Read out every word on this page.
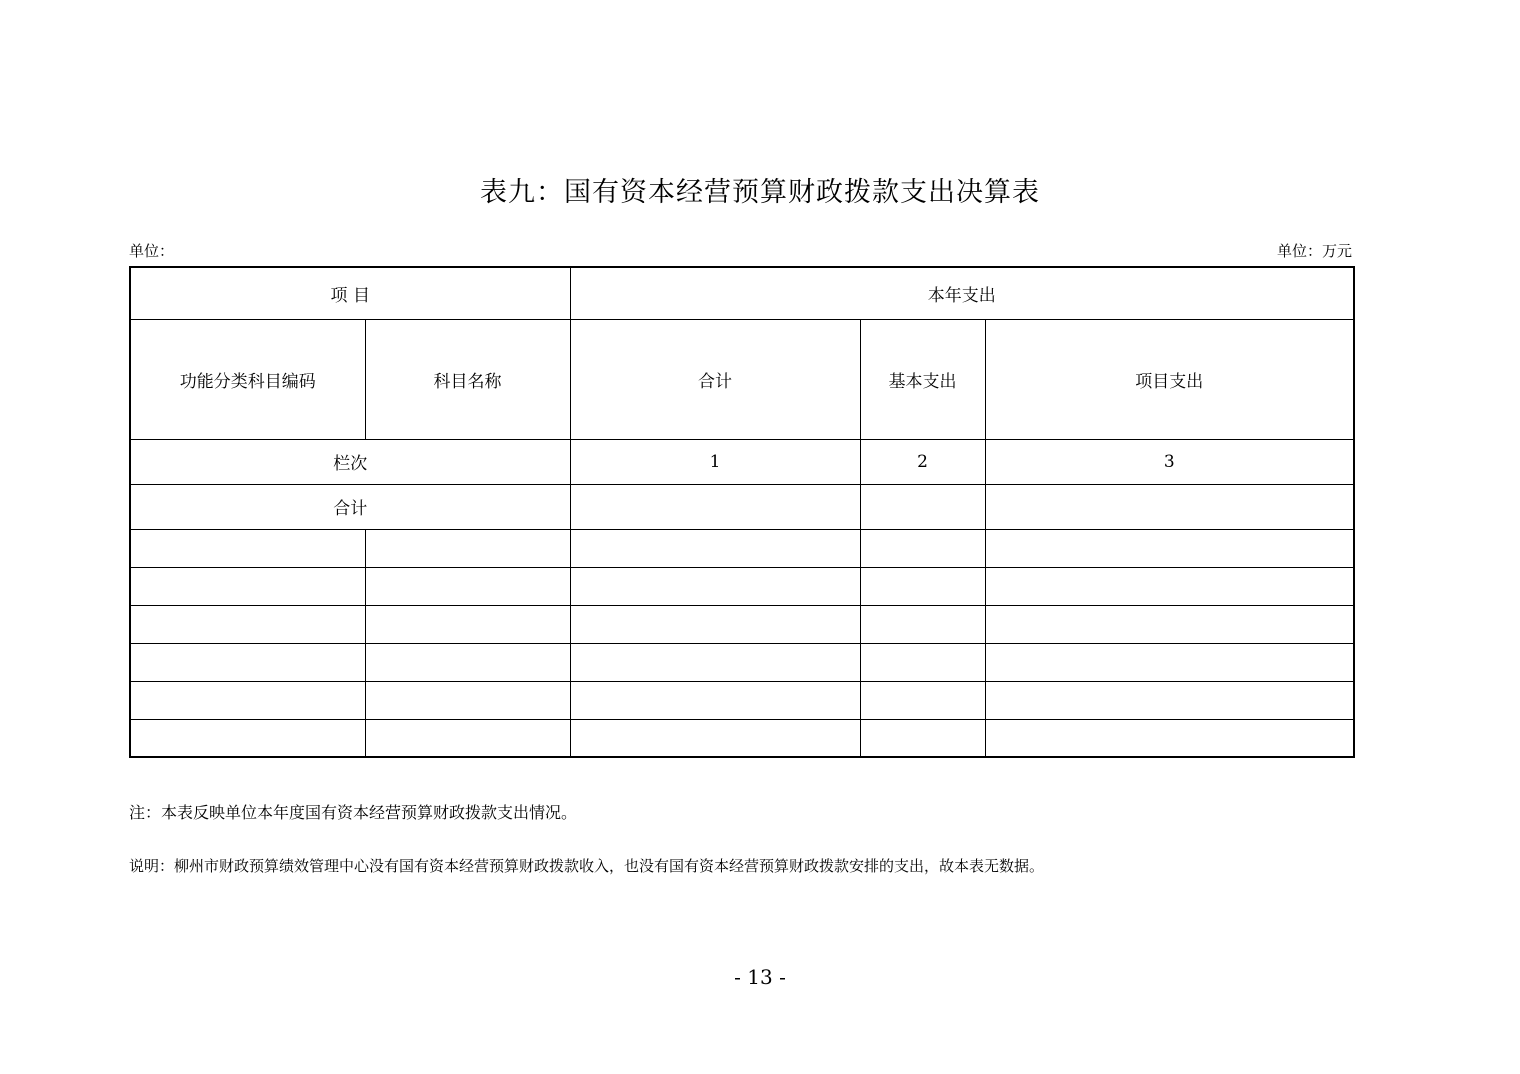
表九：国有资本经营预算财政拨款支出决算表
单位：	单位：万元
项 目		本年支出		
功能分类科目编码	科目名称	合计	基本支出	项目支出
栏次		1	2	3
合计				

注：本表反映单位本年度国有资本经营预算财政拨款支出情况。
说明：柳州市财政预算绩效管理中心没有国有资本经营预算财政拨款收入，也没有国有资本经营预算财政拨款安排的支出，故本表无数据。
- 13 -
